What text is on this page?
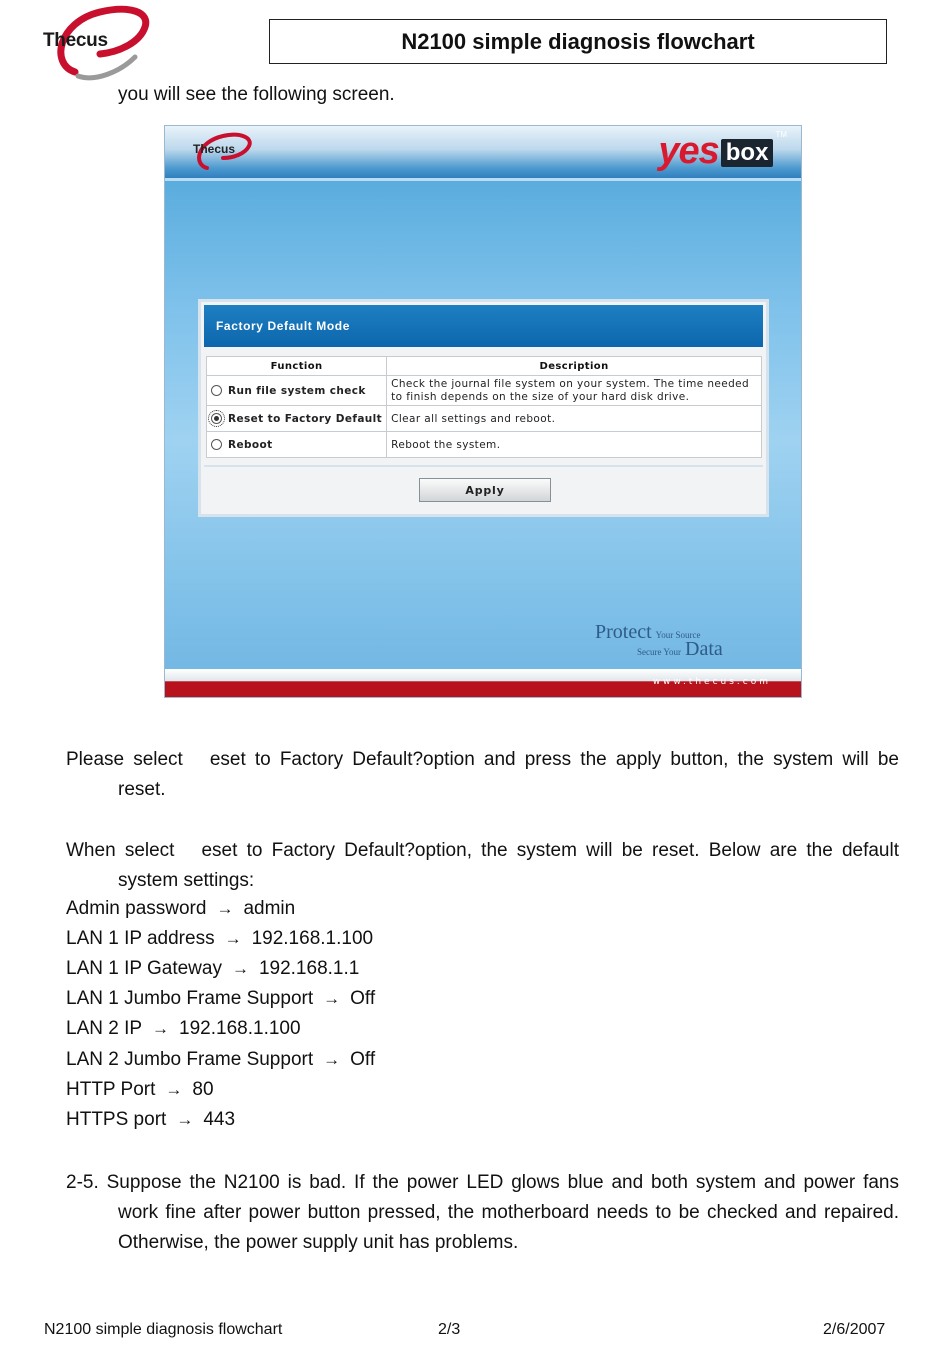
Thecus	N2100 simple diagnosis flowchart
you will see the following screen.
Thecus	yes box
TM
Factory Default Mode
Function	Description
Run file system check	Check the journal file system on your system. The time needed to finish depends on the size of your hard disk drive.
Reset to Factory Default	Clear all settings and reboot.
Reboot	Reboot the system.
Apply
Protect Your Source
Secure Your Data
www.thecus.com
Please select eset to Factory Default?option and press the apply button, the system will be reset.
When select eset to Factory Default?option, the system will be reset. Below are the default system settings:
Admin password → admin
LAN 1 IP address → 192.168.1.100
LAN 1 IP Gateway → 192.168.1.1
LAN 1 Jumbo Frame Support → Off
LAN 2 IP → 192.168.1.100
LAN 2 Jumbo Frame Support → Off
HTTP Port → 80
HTTPS port → 443
2-5. Suppose the N2100 is bad. If the power LED glows blue and both system and power fans work fine after power button pressed, the motherboard needs to be checked and repaired. Otherwise, the power supply unit has problems.
N2100 simple diagnosis flowchart	2/3	2/6/2007
